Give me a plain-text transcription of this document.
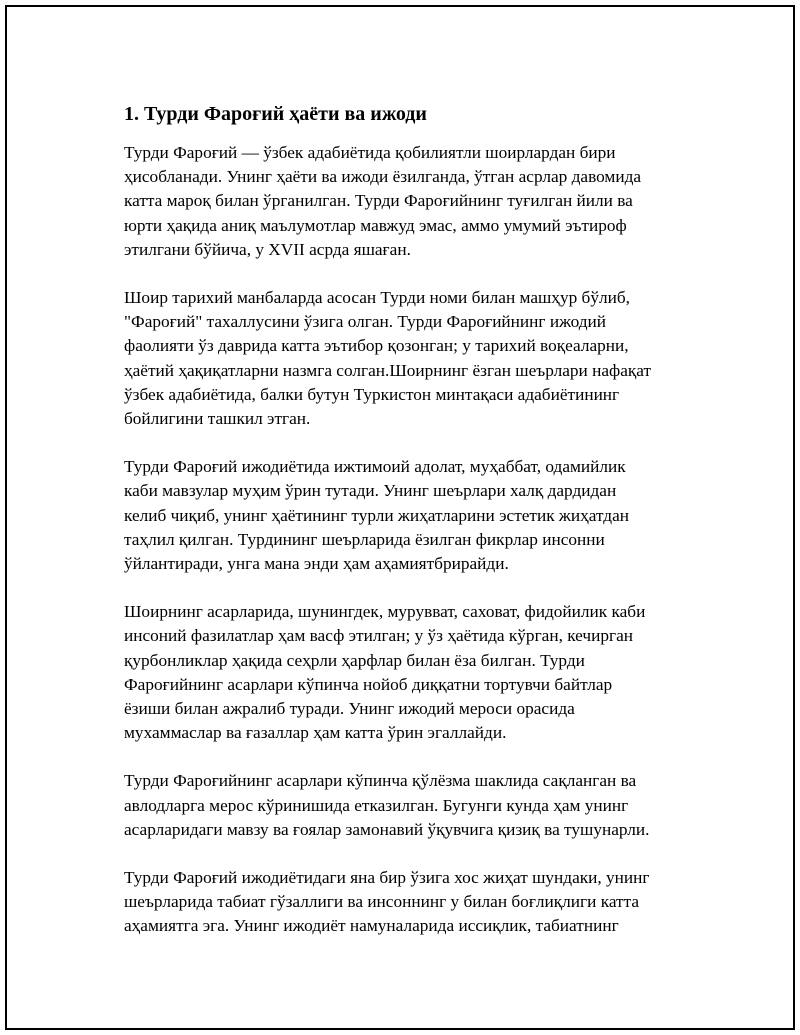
1. Турди Фароғий ҳаёти ва ижоди

Турди Фароғий — ўзбек адабиётида қобилиятли шоирлардан бири
ҳисобланади. Унинг ҳаёти ва ижоди ёзилганда, ўтган асрлар давомида
катта мароқ билан ўрганилган. Турди Фароғийнинг туғилган йили ва
юрти ҳақида аниқ маълумотлар мавжуд эмас, аммо умумий эътироф
этилгани бўйича, у XVII асрда яшаған.

Шоир тарихий манбаларда асосан Турди номи билан машҳур бўлиб,
"Фароғий" тахаллусини ўзига олган. Турди Фароғийнинг ижодий
фаолияти ўз даврида катта эътибор қозонган; у тарихий воқеаларни,
ҳаётий ҳақиқатларни назмга солган.Шоирнинг ёзган шеърлари нафақат
ўзбек адабиётида, балки бутун Туркистон минтақаси адабиётининг
бойлигини ташкил этган.

Турди Фароғий ижодиётида ижтимоий адолат, муҳаббат, одамийлик
каби мавзулар муҳим ўрин тутади. Унинг шеърлари халқ дардидан
келиб чиқиб, унинг ҳаётининг турли жиҳатларини эстетик жиҳатдан
таҳлил қилган. Турдининг шеърларида ёзилган фикрлар инсонни
ўйлантиради, унга мана энди ҳам аҳамиятбрирайди.

Шоирнинг асарларида, шунингдек, мурувват, саховат, фидойилик каби
инсоний фазилатлар ҳам васф этилган; у ўз ҳаётида кўрган, кечирган
қурбонликлар ҳақида сеҳрли ҳарфлар билан ёза билган. Турди
Фароғийнинг асарлари кўпинча нойоб диққатни тортувчи байтлар
ёзиши билан ажралиб туради. Унинг ижодий мероси орасида
мухаммаслар ва ғазаллар ҳам катта ўрин эгаллайди.

Турди Фароғийнинг асарлари кўпинча қўлёзма шаклида сақланган ва
авлодларга мерос кўринишида етказилган. Бугунги кунда ҳам унинг
асарларидаги мавзу ва ғоялар замонавий ўқувчига қизиқ ва тушунарли.

Турди Фароғий ижодиётидаги яна бир ўзига хос жиҳат шундаки, унинг
шеърларида табиат гўзаллиги ва инсоннинг у билан боғлиқлиги катта
аҳамиятга эга. Унинг ижодиёт намуналарида иссиқлик, табиатнинг
